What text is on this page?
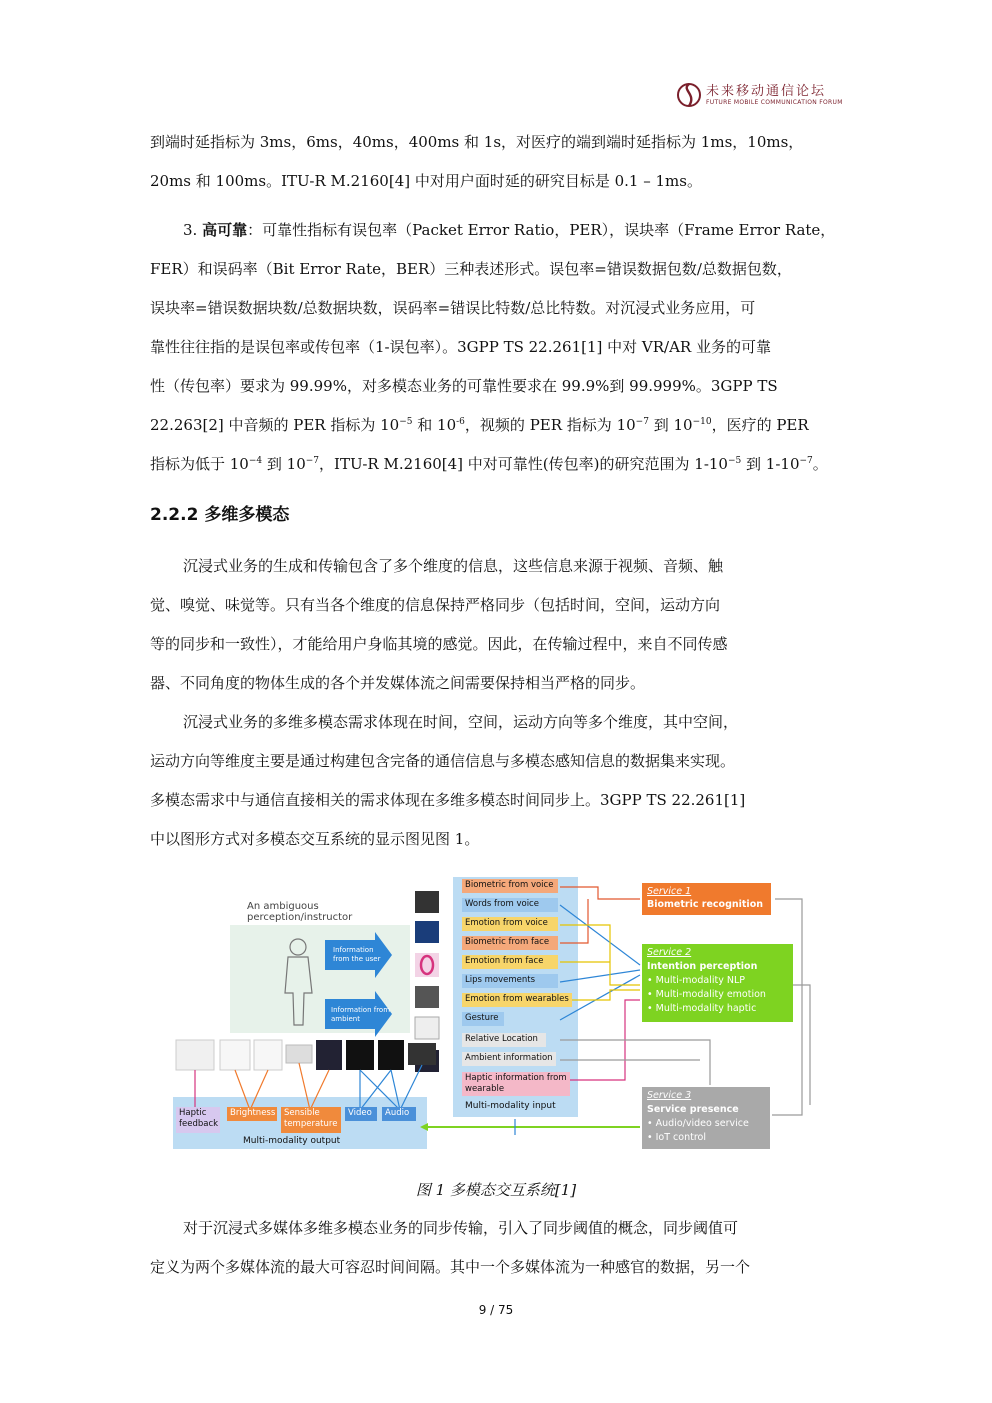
未来移动通信论坛
FUTURE MOBILE COMMUNICATION FORUM
到端时延指标为 3ms，6ms，40ms，400ms 和 1s，对医疗的端到端时延指标为 1ms，10ms，
20ms 和 100ms。ITU-R M.2160[4] 中对用户面时延的研究目标是 0.1 – 1ms。
3. 高可靠：可靠性指标有误包率（Packet Error Ratio，PER），误块率（Frame Error Rate，
FER）和误码率（Bit Error Rate，BER）三种表述形式。误包率=错误数据包数/总数据包数，
误块率=错误数据块数/总数据块数，误码率=错误比特数/总比特数。对沉浸式业务应用，可
靠性往往指的是误包率或传包率（1-误包率）。3GPP TS 22.261[1] 中对 VR/AR 业务的可靠
性（传包率）要求为 99.99%，对多模态业务的可靠性要求在 99.9%到 99.999%。3GPP TS
22.263[2] 中音频的 PER 指标为 $10^{-5}$ 和 $10^{-6}$，视频的 PER 指标为 $10^{-7}$ 到 $10^{-10}$，医疗的 PER
指标为低于 $10^{-4}$ 到 $10^{-7}$，ITU-R M.2160[4] 中对可靠性(传包率)的研究范围为 $1-10^{-5}$ 到 $1-10^{-7}$。
2.2.2 多维多模态
沉浸式业务的生成和传输包含了多个维度的信息，这些信息来源于视频、音频、触
觉、嗅觉、味觉等。只有当各个维度的信息保持严格同步（包括时间，空间，运动方向
等的同步和一致性），才能给用户身临其境的感觉。因此，在传输过程中，来自不同传感
器、不同角度的物体生成的各个并发媒体流之间需要保持相当严格的同步。
沉浸式业务的多维多模态需求体现在时间，空间，运动方向等多个维度，其中空间，
运动方向等维度主要是通过构建包含完备的通信信息与多模态感知信息的数据集来实现。
多模态需求中与通信直接相关的需求体现在多维多模态时间同步上。3GPP TS 22.261[1]
中以图形方式对多模态交互系统的显示图见图 1。
An ambiguous
perception/instructor
Information
from the user
Information from
ambient
Biometric from voice
Words from voice
Emotion from voice
Biometric from face
Emotion from face
Lips movements
Emotion from wearables
Gesture
Relative Location
Ambient information
Haptic information from wearable
Multi-modality input
Service 1
Biometric recognition
Service 2
Intention perception
• Multi-modality NLP
• Multi-modality emotion
• Multi-modality haptic
Service 3
Service presence
• Audio/video service
• IoT control
Haptic feedback
Brightness	Sensible temperature
Video	Audio
Multi-modality output
图 1 多模态交互系统[1]
对于沉浸式多媒体多维多模态业务的同步传输，引入了同步阈值的概念，同步阈值可
定义为两个多媒体流的最大可容忍时间间隔。其中一个多媒体流为一种感官的数据，另一个
9 / 75
